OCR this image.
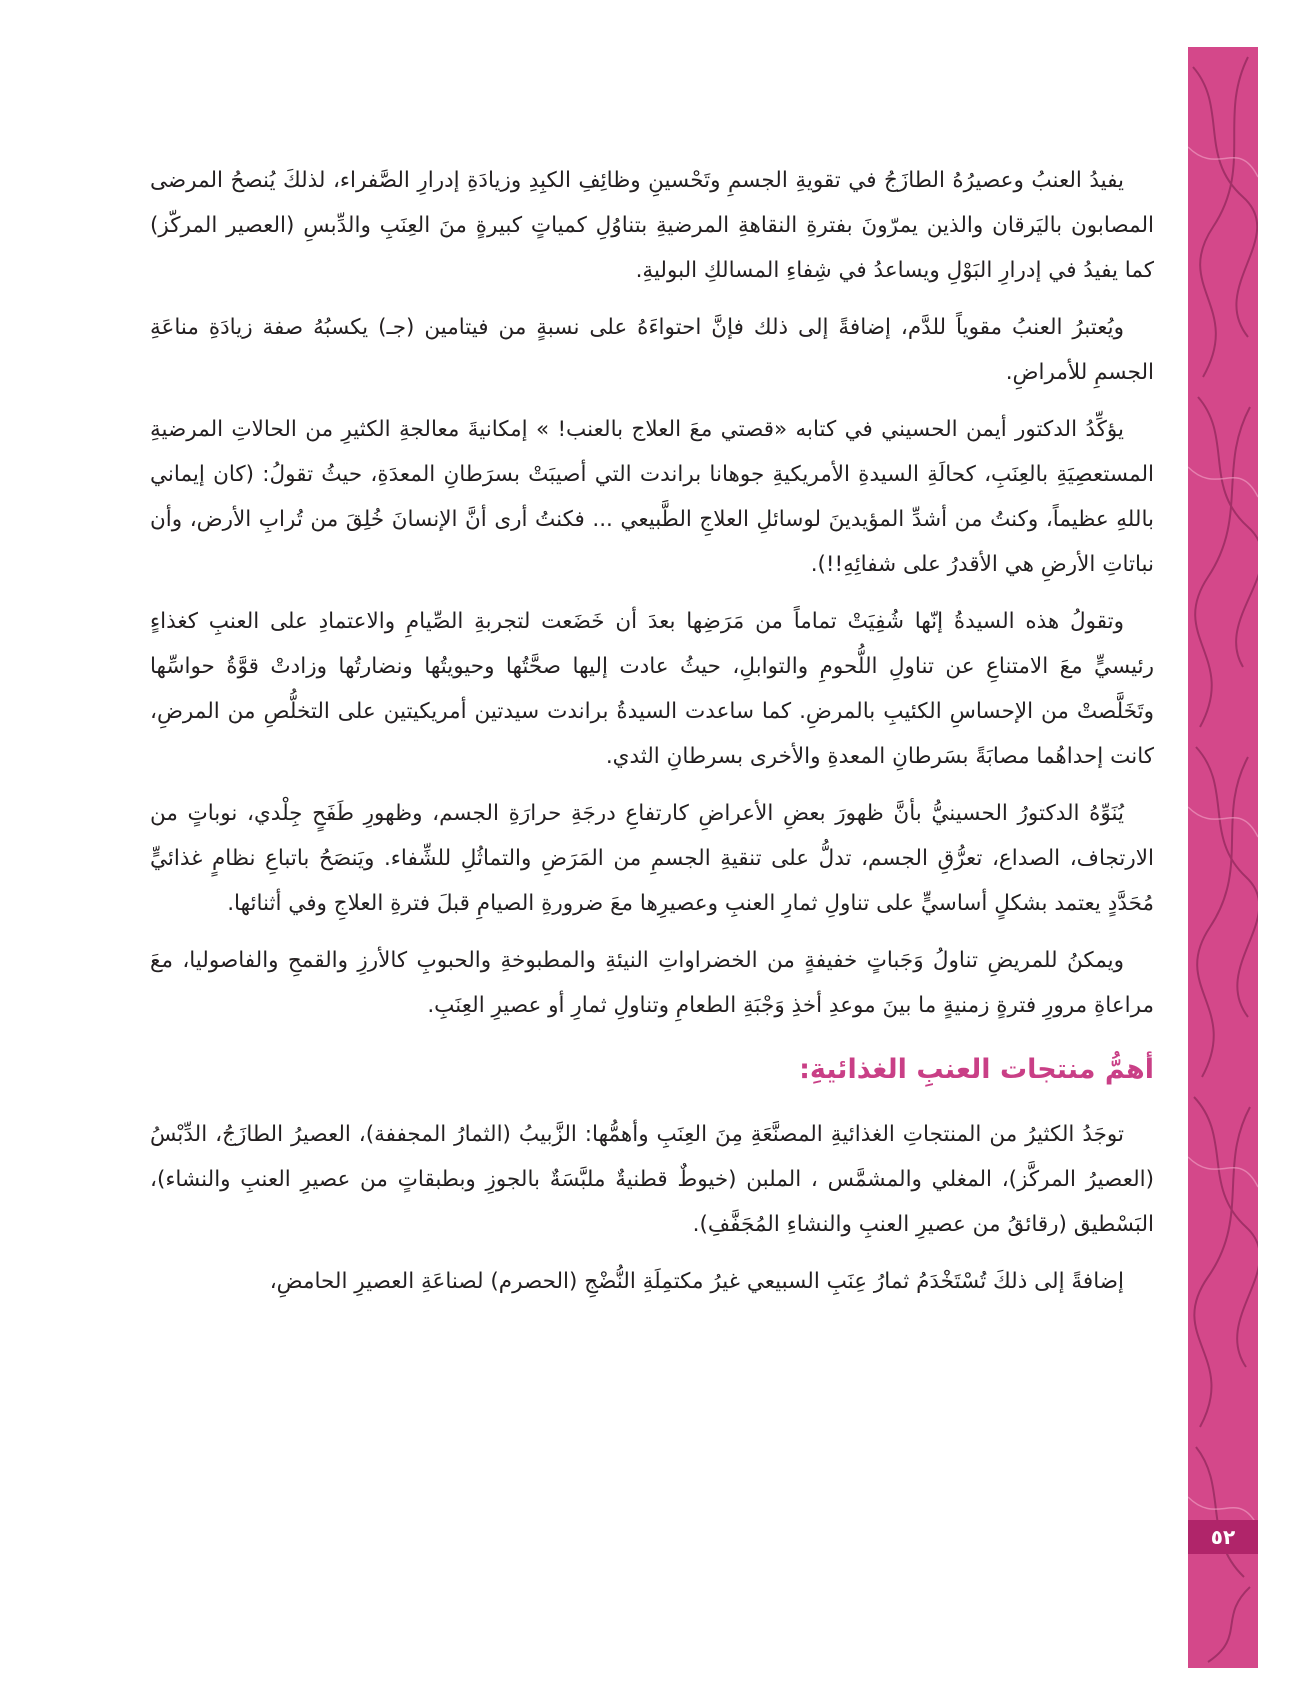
٥٢

يفيدُ العنبُ وعصيرُهُ الطازَجُ في تقويةِ الجسمِ وتَحْسينِ وظائِفِ الكبِدِ وزيادَةِ إدرارِ الصَّفراء، لذلكَ يُنصحُ المرضى المصابون باليَرقان والذين يمرّونَ بفترةِ النقاهةِ المرضيةِ بتناوُلِ كمياتٍ كبيرةٍ منَ العِنَبِ والدِّبسِ (العصير المركّز) كما يفيدُ في إدرارِ البَوْلِ ويساعدُ في شِفاءِ المسالكِ البوليةِ.

ويُعتبرُ العنبُ مقوياً للدَّم، إضافةً إلى ذلك فإنَّ احتواءَهُ على نسبةٍ من فيتامين (جـ) يكسبُهُ صفة زيادَةِ مناعَةِ الجسمِ للأمراضِ.

يؤكِّدُ الدكتور أيمن الحسيني في كتابه «قصتي معَ العلاج بالعنب! » إمكانيةَ معالجةِ الكثيرِ من الحالاتِ المرضيةِ المستعصِيَةِ بالعِنَبِ، كحالَةِ السيدةِ الأمريكيةِ جوهانا براندت التي أصيبَتْ بسرَطانِ المعدَةِ، حيثُ تقولُ: (كان إيماني باللهِ عظيماً، وكنتُ من أشدِّ المؤيدينَ لوسائلِ العلاجِ الطَّبيعي ... فكنتُ أرى أنَّ الإنسانَ خُلِقَ من تُرابِ الأرض، وأن نباتاتِ الأرضِ هي الأقدرُ على شفائِهِ!!).

وتقولُ هذه السيدةُ إنّها شُفِيَتْ تماماً من مَرَضِها بعدَ أن خَضَعت لتجربةِ الصِّيامِ والاعتمادِ على العنبِ كغذاءٍ رئيسيٍّ معَ الامتناعِ عن تناولِ اللُّحومِ والتوابلِ، حيثُ عادت إليها صحَّتُها وحيويتُها ونضارتُها وزادتْ قوَّةُ حواسِّها وتَخَلَّصتْ من الإحساسِ الكئيبِ بالمرضِ. كما ساعدت السيدةُ براندت سيدتين أمريكيتين على التخلُّصِ من المرضِ، كانت إحداهُما مصابَةً بسَرطانِ المعدةِ والأخرى بسرطانِ الثدي.

يُنَوِّهُ الدكتورُ الحسينيُّ بأنَّ ظهورَ بعضِ الأعراضِ كارتفاعِ درجَةِ حرارَةِ الجسم، وظهورِ طَفَحٍ جِلْدي، نوباتٍ من الارتجاف، الصداع، تعرُّقِ الجسم، تدلُّ على تنقيةِ الجسمِ من المَرَضِ والتماثُلِ للشِّفاء. ويَنصَحُ باتباعِ نظامٍ غذائيٍّ مُحَدَّدٍ يعتمد بشكلٍ أساسيٍّ على تناولِ ثمارِ العنبِ وعصيرِها معَ ضرورةِ الصيامِ قبلَ فترةِ العلاجِ وفي أثنائها.

ويمكنُ للمريضِ تناولُ وَجَباتٍ خفيفةٍ من الخضراواتِ النيئةِ والمطبوخةِ والحبوبِ كالأرزِ والقمحِ والفاصوليا، معَ مراعاةِ مرورِ فترةٍ زمنيةٍ ما بينَ موعدِ أخذِ وَجْبَةِ الطعامِ وتناولِ ثمارِ أو عصيرِ العِنَبِ.

أهمُّ منتجات العنبِ الغذائيةِ:

توجَدُ الكثيرُ من المنتجاتِ الغذائيةِ المصنَّعَةِ مِنَ العِنَبِ وأهمُّها: الزَّبيبُ (الثمارُ المجففة)، العصيرُ الطازَجُ، الدِّبْسُ (العصيرُ المركَّز)، المغلي والمشمَّس ، الملبن (خيوطٌ قطنيةٌ ملبَّسَةٌ بالجوزِ وبطبقاتٍ من عصيرِ العنبِ والنشاء)، البَسْطيق (رقائقُ من عصيرِ العنبِ والنشاءِ المُجَفَّفِ).

إضافةً إلى ذلكَ تُسْتَخْدَمُ ثمارُ عِنَبِ السبيعي غيرُ مكتمِلَةِ النُّضْجِ (الحصرم) لصناعَةِ العصيرِ الحامضِ،
